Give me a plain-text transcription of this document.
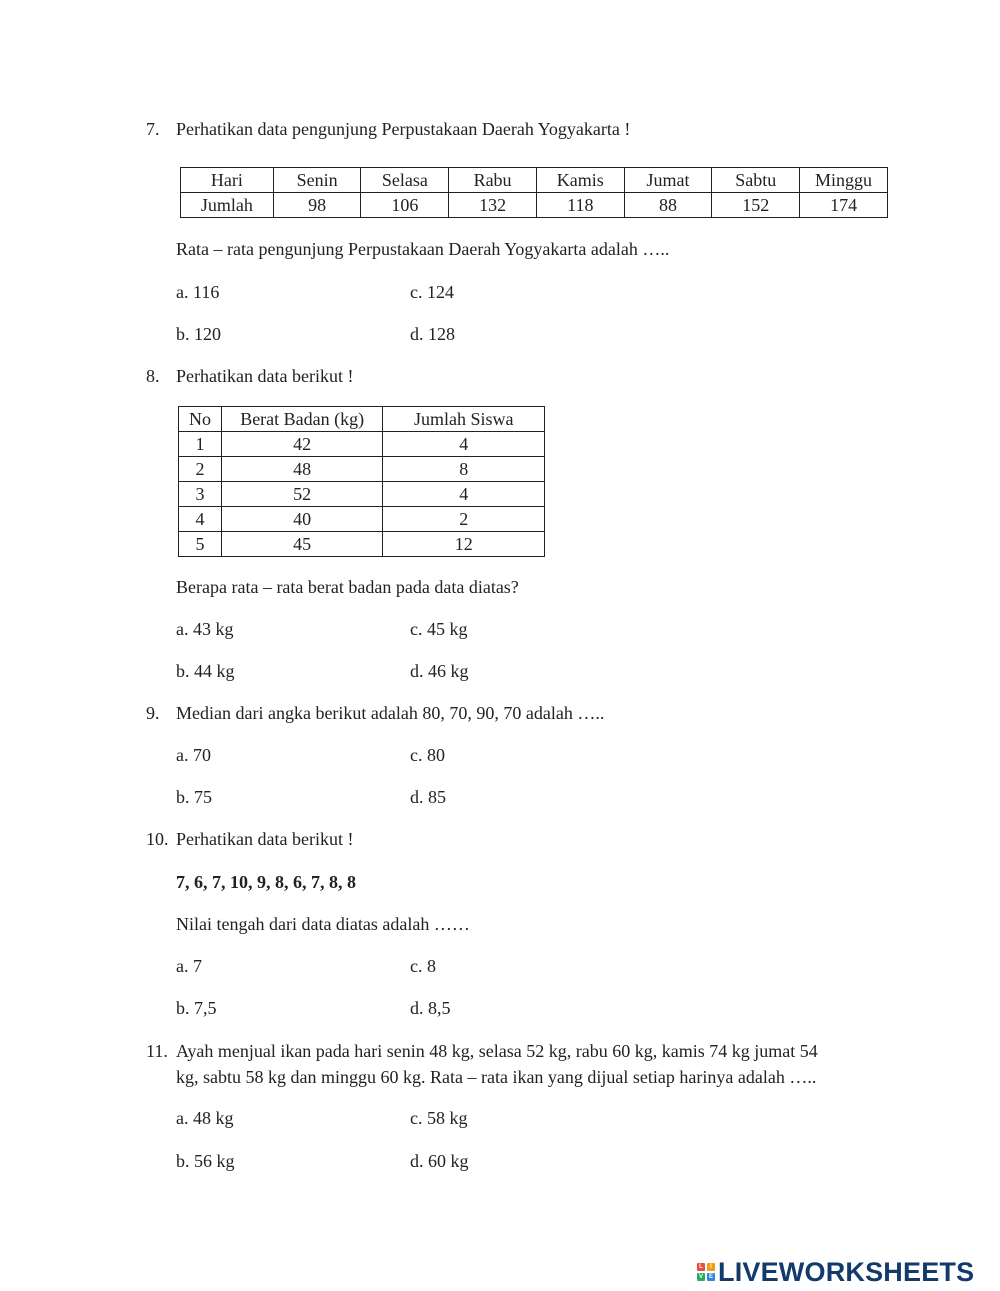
7. Perhatikan data pengunjung Perpustakaan Daerah Yogyakarta !
Hari	Senin	Selasa	Rabu	Kamis	Jumat	Sabtu	Minggu
Jumlah	98	106	132	118	88	152	174
Rata – rata pengunjung Perpustakaan Daerah Yogyakarta adalah …..
a. 116	c. 124
b. 120	d. 128
8. Perhatikan data berikut !
No	Berat Badan (kg)	Jumlah Siswa
1	42	4
2	48	8
3	52	4
4	40	2
5	45	12
Berapa rata – rata berat badan pada data diatas?
a. 43 kg	c. 45 kg
b. 44 kg	d. 46 kg
9. Median dari angka berikut adalah 80, 70, 90, 70 adalah …..
a. 70	c. 80
b. 75	d. 85
10. Perhatikan data berikut !
7, 6, 7, 10, 9, 8, 6, 7, 8, 8
Nilai tengah dari data diatas adalah ……
a. 7	c. 8
b. 7,5	d. 8,5
11. Ayah menjual ikan pada hari senin 48 kg, selasa 52 kg, rabu 60 kg, kamis 74 kg jumat 54
kg, sabtu 58 kg dan minggu 60 kg. Rata – rata ikan yang dijual setiap harinya adalah …..
a. 48 kg	c. 58 kg
b. 56 kg	d. 60 kg
L	I
V E LIVEWORKSHEETS
